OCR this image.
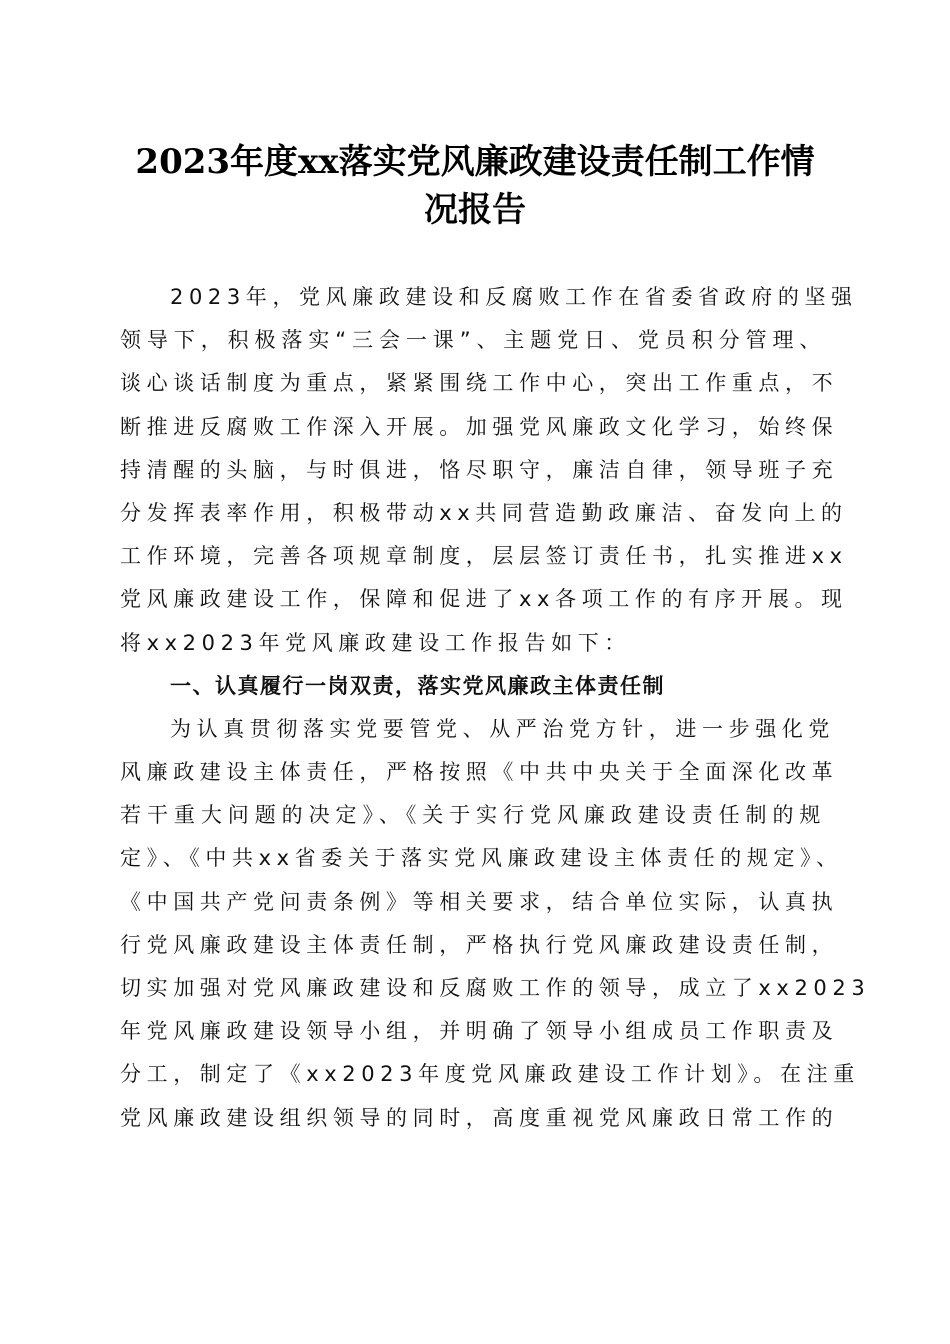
2023年度xx落实党风廉政建设责任制工作情
况报告
2023年，党风廉政建设和反腐败工作在省委省政府的坚强
领导下，积极落实“三会一课”、主题党日、党员积分管理、
谈心谈话制度为重点，紧紧围绕工作中心，突出工作重点，不
断推进反腐败工作深入开展。加强党风廉政文化学习，始终保
持清醒的头脑，与时俱进，恪尽职守，廉洁自律，领导班子充
分发挥表率作用，积极带动xx共同营造勤政廉洁、奋发向上的
工作环境，完善各项规章制度，层层签订责任书，扎实推进xx
党风廉政建设工作，保障和促进了xx各项工作的有序开展。现
将xx2023年党风廉政建设工作报告如下：
一、认真履行一岗双责，落实党风廉政主体责任制
为认真贯彻落实党要管党、从严治党方针，进一步强化党
风廉政建设主体责任，严格按照《中共中央关于全面深化改革
若干重大问题的决定》、《关于实行党风廉政建设责任制的规
定》、《中共xx省委关于落实党风廉政建设主体责任的规定》、
《中国共产党问责条例》等相关要求，结合单位实际，认真执
行党风廉政建设主体责任制，严格执行党风廉政建设责任制，
切实加强对党风廉政建设和反腐败工作的领导，成立了xx2023
年党风廉政建设领导小组，并明确了领导小组成员工作职责及
分工，制定了《xx2023年度党风廉政建设工作计划》。在注重
党风廉政建设组织领导的同时，高度重视党风廉政日常工作的
